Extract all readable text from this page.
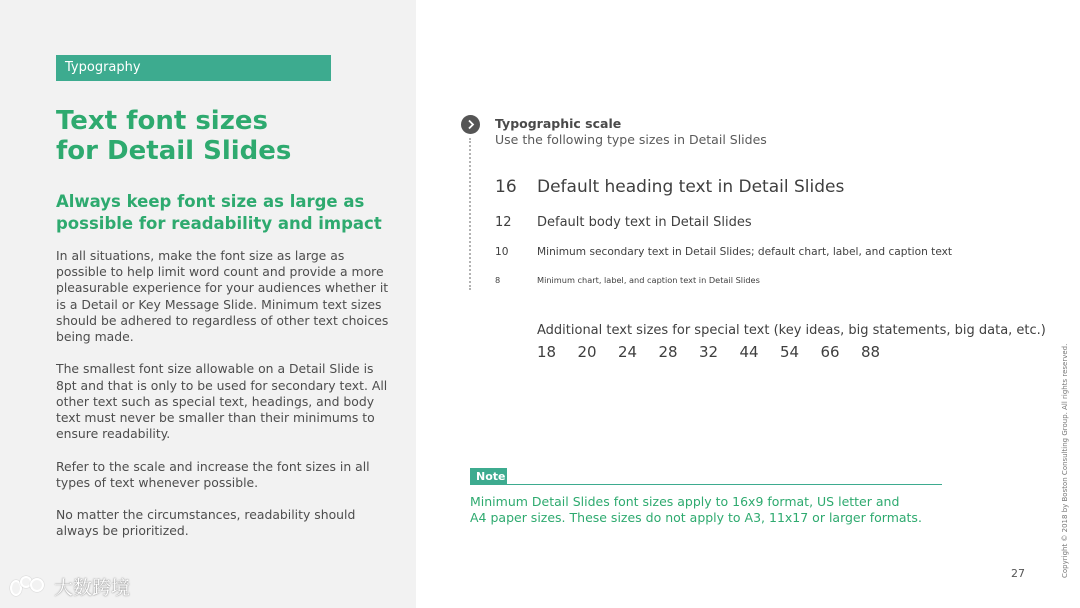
Typography
Text font sizes
for Detail Slides
Always keep font size as large as
possible for readability and impact

In all situations, make the font size as large as possible to help limit word count and provide a more pleasurable experience for your audiences whether it is a Detail or Key Message Slide. Minimum text sizes should be adhered to regardless of other text choices being made.

The smallest font size allowable on a Detail Slide is 8pt and that is only to be used for secondary text. All other text such as special text, headings, and body text must never be smaller than their minimums to ensure readability.

Refer to the scale and increase the font sizes in all types of text whenever possible.

No matter the circumstances, readability should always be prioritized.

大数跨境
Typographic scale
Use the following type sizes in Detail Slides
16 Default heading text in Detail Slides
12 Default body text in Detail Slides
10	Minimum secondary text in Detail Slides; default chart, label, and caption text
8	Minimum chart, label, and caption text in Detail Slides
Additional text sizes for special text (key ideas, big statements, big data, etc.)
18	20	24	28	32	44	54	66	88
Note
Minimum Detail Slides font sizes apply to 16x9 format, US letter and
A4 paper sizes. These sizes do not apply to A3, 11x17 or larger formats.	Copyright © 2018 by Boston Consulting Group. All rights reserved.
27
